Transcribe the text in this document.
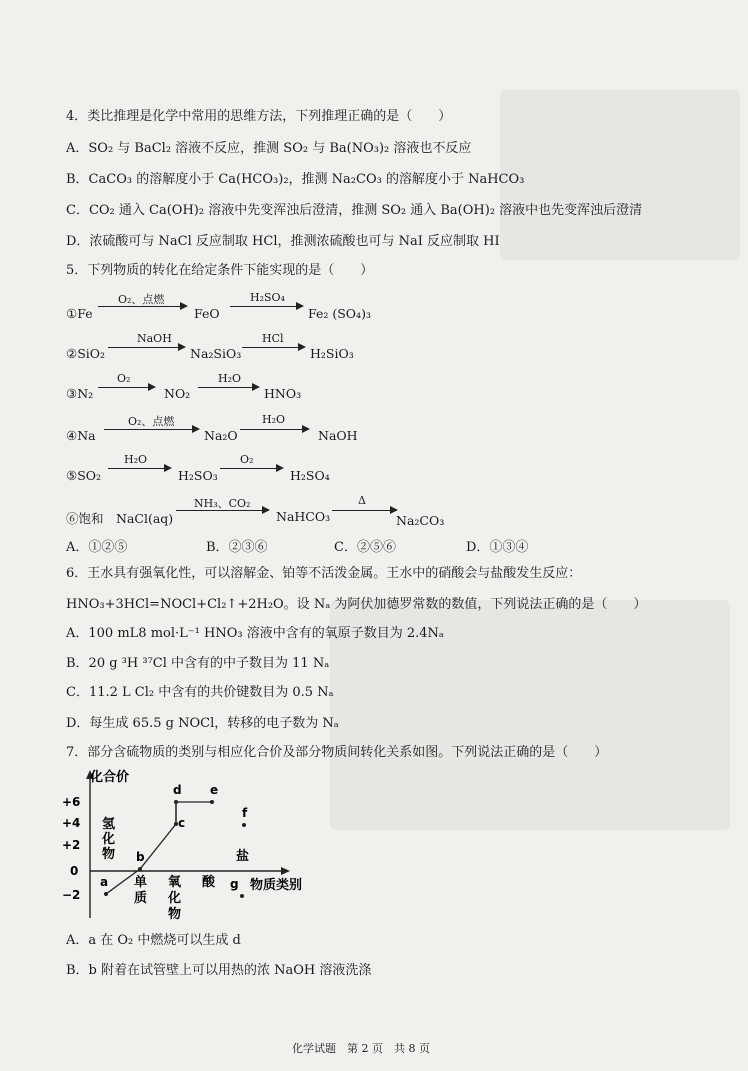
4．类比推理是化学中常用的思维方法，下列推理正确的是（　　）
A．SO₂ 与 BaCl₂ 溶液不反应，推测 SO₂ 与 Ba(NO₃)₂ 溶液也不反应
B．CaCO₃ 的溶解度小于 Ca(HCO₃)₂，推测 Na₂CO₃ 的溶解度小于 NaHCO₃
C．CO₂ 通入 Ca(OH)₂ 溶液中先变浑浊后澄清，推测 SO₂ 通入 Ba(OH)₂ 溶液中也先变浑浊后澄清
D．浓硫酸可与 NaCl 反应制取 HCl，推测浓硫酸也可与 NaI 反应制取 HI
5．下列物质的转化在给定条件下能实现的是（　　）
①Fe
O₂、点燃
FeO
H₂SO₄
Fe₂ (SO₄)₃
②SiO₂
NaOH
Na₂SiO₃
HCl
H₂SiO₃
③N₂
O₂
NO₂
H₂O
HNO₃
④Na
O₂、点燃
Na₂O
H₂O
NaOH
⑤SO₂
H₂O
H₂SO₃
O₂
H₂SO₄
⑥饱和　NaCl(aq)
NH₃、CO₂
NaHCO₃
Δ
Na₂CO₃
A．①②⑤	B．②③⑥	C．②⑤⑥	D．①③④
6．王水具有强氧化性，可以溶解金、铂等不活泼金属。王水中的硝酸会与盐酸发生反应：
HNO₃+3HCl=NOCl+Cl₂↑+2H₂O。设 Nₐ 为阿伏加德罗常数的数值，下列说法正确的是（　　）
A．100 mL8 mol·L⁻¹ HNO₃ 溶液中含有的氧原子数目为 2.4Nₐ
B．20 g ³H ³⁷Cl 中含有的中子数目为 11 Nₐ
C．11.2 L Cl₂ 中含有的共价键数目为 0.5 Nₐ
D．每生成 65.5 g NOCl，转移的电子数为 Nₐ
7．部分含硫物质的类别与相应化合价及部分物质间转化关系如图。下列说法正确的是（　　）
化合价
+6
+4
+2
0
−2
氢
化
物
a
b
c
d e
f
g
单
质
氧
化
物
酸
盐
物质类别
A．a 在 O₂ 中燃烧可以生成 d
B．b 附着在试管壁上可以用热的浓 NaOH 溶液洗涤
化学试题　第 2 页　共 8 页
